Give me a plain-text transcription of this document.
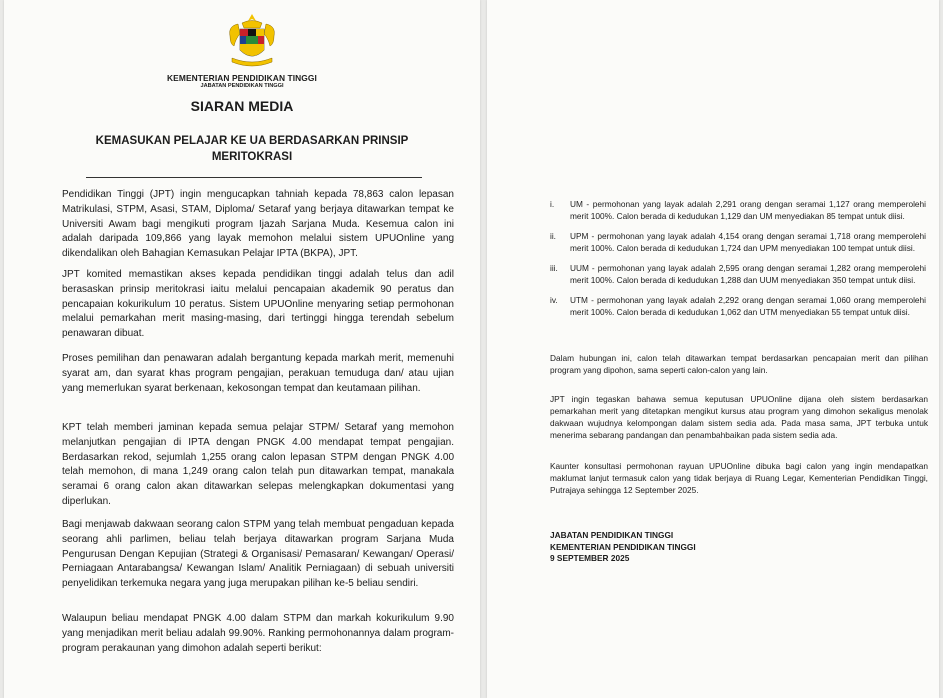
KEMENTERIAN PENDIDIKAN TINGGI
JABATAN PENDIDIKAN TINGGI
SIARAN MEDIA
KEMASUKAN PELAJAR KE UA BERDASARKAN PRINSIP MERITOKRASI

Pendidikan Tinggi (JPT) ingin mengucapkan tahniah kepada 78,863 calon lepasan Matrikulasi, STPM, Asasi, STAM, Diploma/ Setaraf yang berjaya ditawarkan tempat ke Universiti Awam bagi mengikuti program Ijazah Sarjana Muda. Kesemua calon ini adalah daripada 109,866 yang layak memohon melalui sistem UPUOnline yang dikendalikan oleh Bahagian Kemasukan Pelajar IPTA (BKPA), JPT.

JPT komited memastikan akses kepada pendidikan tinggi adalah telus dan adil berasaskan prinsip meritokrasi iaitu melalui pencapaian akademik 90 peratus dan pencapaian kokurikulum 10 peratus. Sistem UPUOnline menyaring setiap permohonan melalui pemarkahan merit masing-masing, dari tertinggi hingga terendah sebelum penawaran dibuat.

Proses pemilihan dan penawaran adalah bergantung kepada markah merit, memenuhi syarat am, dan syarat khas program pengajian, perakuan temuduga dan/ atau ujian yang memerlukan syarat berkenaan, kekosongan tempat dan keutamaan pilihan.

KPT telah memberi jaminan kepada semua pelajar STPM/ Setaraf yang memohon melanjutkan pengajian di IPTA dengan PNGK 4.00 mendapat tempat pengajian. Berdasarkan rekod, sejumlah 1,255 orang calon lepasan STPM dengan PNGK 4.00 telah memohon, di mana 1,249 orang calon telah pun ditawarkan tempat, manakala seramai 6 orang calon akan ditawarkan selepas melengkapkan dokumentasi yang diperlukan.

Bagi menjawab dakwaan seorang calon STPM yang telah membuat pengaduan kepada seorang ahli parlimen, beliau telah berjaya ditawarkan program Sarjana Muda Pengurusan Dengan Kepujian (Strategi & Organisasi/ Pemasaran/ Kewangan/ Operasi/ Perniagaan Antarabangsa/ Kewangan Islam/ Analitik Perniagaan) di sebuah universiti penyelidikan terkemuka negara yang juga merupakan pilihan ke-5 beliau sendiri.

Walaupun beliau mendapat PNGK 4.00 dalam STPM dan markah kokurikulum 9.90 yang menjadikan merit beliau adalah 99.90%. Ranking permohonannya dalam program-program perakaunan yang dimohon adalah seperti berikut:

i. UM - permohonan yang layak adalah 2,291 orang dengan seramai 1,127 orang memperolehi merit 100%. Calon berada di kedudukan 1,129 dan UM menyediakan 85 tempat untuk diisi.
ii. UPM - permohonan yang layak adalah 4,154 orang dengan seramai 1,718 orang memperolehi merit 100%. Calon berada di kedudukan 1,724 dan UPM menyediakan 100 tempat untuk diisi.
iii. UUM - permohonan yang layak adalah 2,595 orang dengan seramai 1,282 orang memperolehi merit 100%. Calon berada di kedudukan 1,288 dan UUM menyediakan 350 tempat untuk diisi.
iv. UTM - permohonan yang layak adalah 2,292 orang dengan seramai 1,060 orang memperolehi merit 100%. Calon berada di kedudukan 1,062 dan UTM menyediakan 55 tempat untuk diisi.

Dalam hubungan ini, calon telah ditawarkan tempat berdasarkan pencapaian merit dan pilihan program yang dipohon, sama seperti calon-calon yang lain.

JPT ingin tegaskan bahawa semua keputusan UPUOnline dijana oleh sistem berdasarkan pemarkahan merit yang ditetapkan mengikut kursus atau program yang dimohon sekaligus menolak dakwaan wujudnya kelompongan dalam sistem sedia ada. Pada masa sama, JPT terbuka untuk menerima sebarang pandangan dan penambahbaikan pada sistem sedia ada.

Kaunter konsultasi permohonan rayuan UPUOnline dibuka bagi calon yang ingin mendapatkan maklumat lanjut termasuk calon yang tidak berjaya di Ruang Legar, Kementerian Pendidikan Tinggi, Putrajaya sehingga 12 September 2025.

JABATAN PENDIDIKAN TINGGI
KEMENTERIAN PENDIDIKAN TINGGI
9 SEPTEMBER 2025
